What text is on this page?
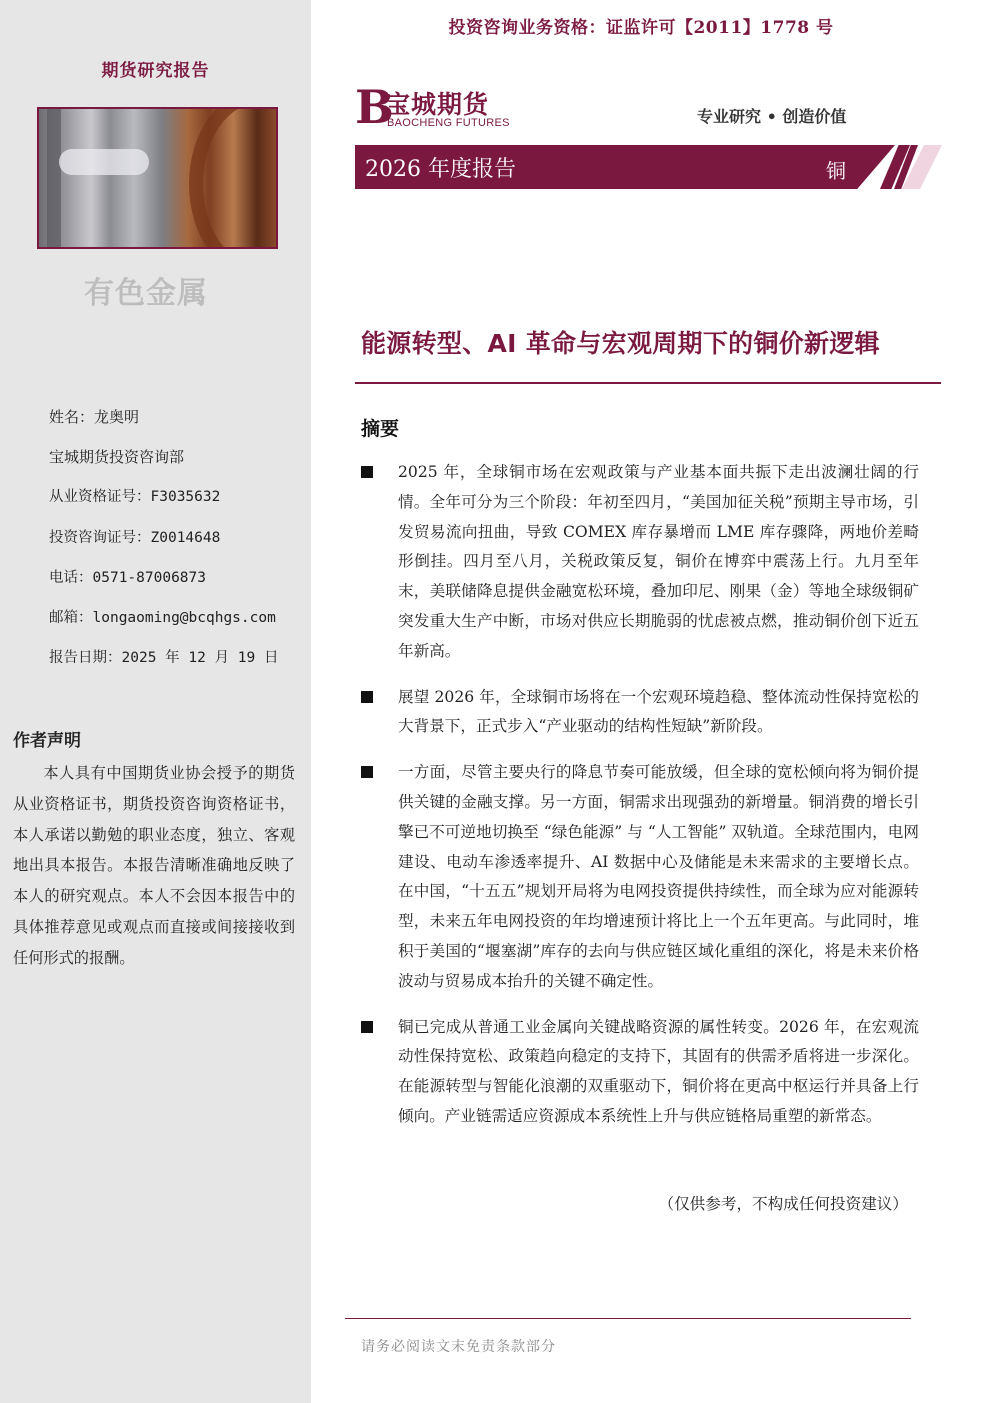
期货研究报告
有色金属
姓名：龙奥明
宝城期货投资咨询部
从业资格证号：F3035632
投资咨询证号：Z0014648
电话：0571-87006873
邮箱：longaoming@bcqhgs.com
报告日期：2025 年 12 月 19 日
作者声明
本人具有中国期货业协会授予的期货从业资格证书，期货投资咨询资格证书，本人承诺以勤勉的职业态度，独立、客观地出具本报告。本报告清晰准确地反映了本人的研究观点。本人不会因本报告中的具体推荐意见或观点而直接或间接接收到任何形式的报酬。
投资咨询业务资格：证监许可【2011】1778 号
B
宝城期货
BAOCHENG FUTURES	专业研究 • 创造价值
2026 年度报告	铜
能源转型、AI 革命与宏观周期下的铜价新逻辑
摘要
2025 年，全球铜市场在宏观政策与产业基本面共振下走出波澜壮阔的行情。全年可分为三个阶段：年初至四月，“美国加征关税”预期主导市场，引发贸易流向扭曲，导致 COMEX 库存暴增而 LME 库存骤降，两地价差畸形倒挂。四月至八月，关税政策反复，铜价在博弈中震荡上行。九月至年末，美联储降息提供金融宽松环境，叠加印尼、刚果（金）等地全球级铜矿突发重大生产中断，市场对供应长期脆弱的忧虑被点燃，推动铜价创下近五年新高。
展望 2026 年，全球铜市场将在一个宏观环境趋稳、整体流动性保持宽松的大背景下，正式步入“产业驱动的结构性短缺”新阶段。
一方面，尽管主要央行的降息节奏可能放缓，但全球的宽松倾向将为铜价提供关键的金融支撑。另一方面，铜需求出现强劲的新增量。铜消费的增长引擎已不可逆地切换至 “绿色能源” 与 “人工智能” 双轨道。全球范围内，电网建设、电动车渗透率提升、AI 数据中心及储能是未来需求的主要增长点。在中国，“十五五”规划开局将为电网投资提供持续性，而全球为应对能源转型，未来五年电网投资的年均增速预计将比上一个五年更高。与此同时，堆积于美国的“堰塞湖”库存的去向与供应链区域化重组的深化，将是未来价格波动与贸易成本抬升的关键不确定性。
铜已完成从普通工业金属向关键战略资源的属性转变。2026 年，在宏观流动性保持宽松、政策趋向稳定的支持下，其固有的供需矛盾将进一步深化。在能源转型与智能化浪潮的双重驱动下，铜价将在更高中枢运行并具备上行倾向。产业链需适应资源成本系统性上升与供应链格局重塑的新常态。
（仅供参考，不构成任何投资建议）
请务必阅读文末免责条款部分
